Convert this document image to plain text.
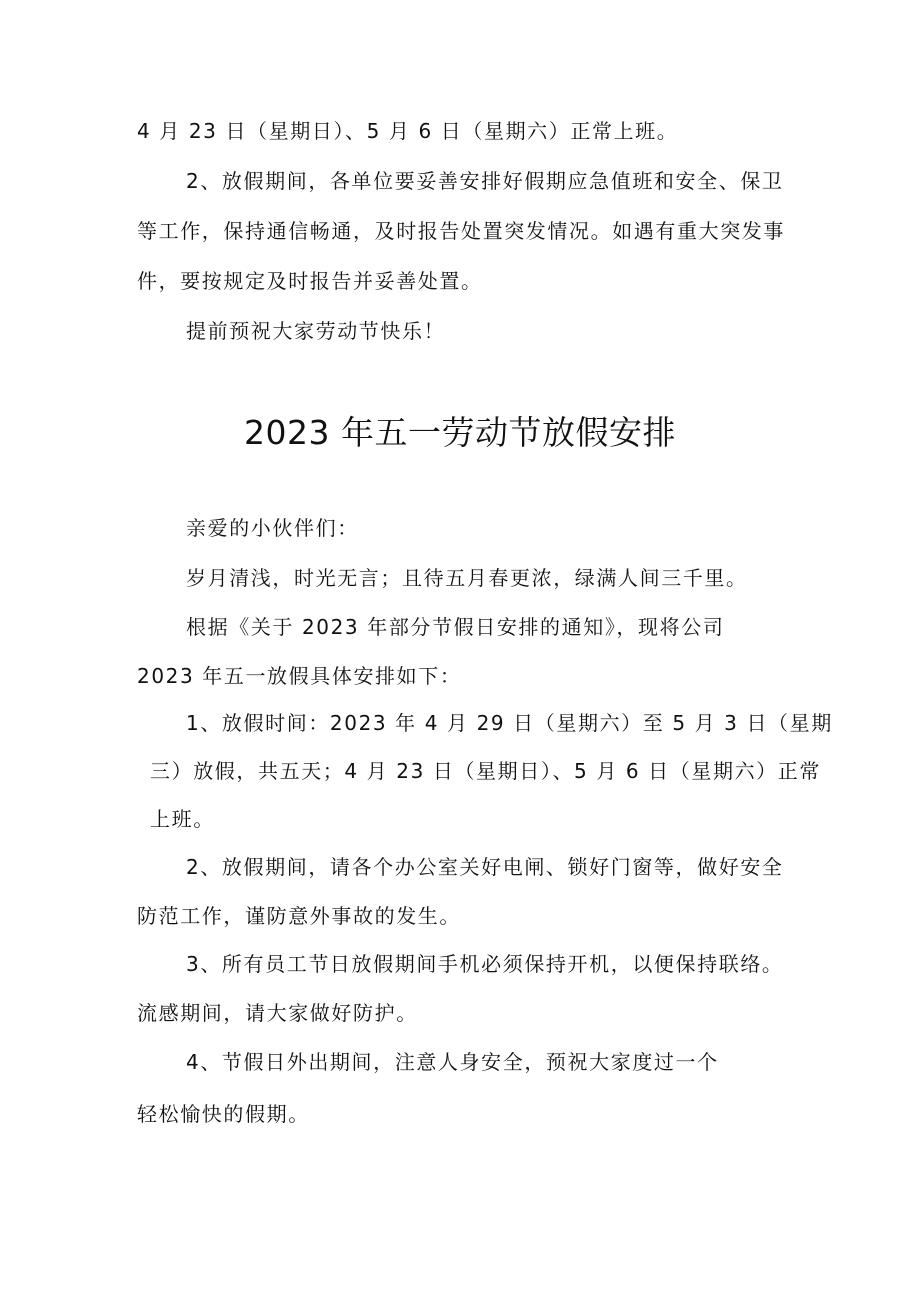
4 月 23 日（星期日）、5 月 6 日（星期六）正常上班。
2、放假期间，各单位要妥善安排好假期应急值班和安全、保卫
等工作，保持通信畅通，及时报告处置突发情况。如遇有重大突发事
件，要按规定及时报告并妥善处置。
提前预祝大家劳动节快乐！
2023 年五一劳动节放假安排
亲爱的小伙伴们：
岁月清浅，时光无言；且待五月春更浓，绿满人间三千里。
根据《关于 2023 年部分节假日安排的通知》，现将公司
2023 年五一放假具体安排如下：
1、放假时间：2023 年 4 月 29 日（星期六）至 5 月 3 日（星期
三）放假，共五天；4 月 23 日（星期日）、5 月 6 日（星期六）正常
上班。
2、放假期间，请各个办公室关好电闸、锁好门窗等，做好安全
防范工作，谨防意外事故的发生。
3、所有员工节日放假期间手机必须保持开机，以便保持联络。
流感期间，请大家做好防护。
4、节假日外出期间，注意人身安全，预祝大家度过一个
轻松愉快的假期。
